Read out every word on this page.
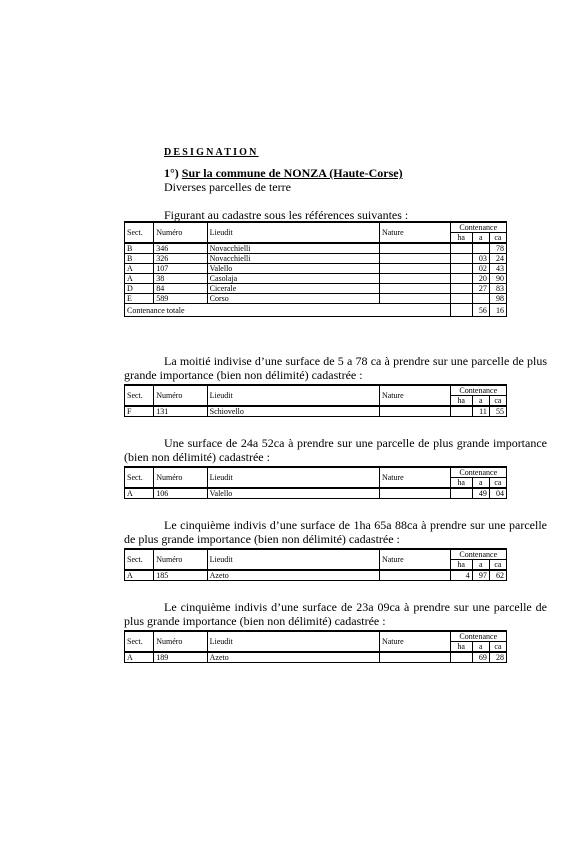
DESIGNATION
1°) Sur la commune de NONZA (Haute-Corse)
Diverses parcelles de terre
Figurant au cadastre sous les références suivantes :
Sect.	Numéro	Lieudit	Nature	Contenance		
				ha	a	ca
B	346	Novacchielli				78
B	326	Novacchielli			03	24
A	107	Valello			02	43
A	38	Casolaja			20	90
D	84	Cicerale			27	83
E	589	Corso				98
Contenance totale					56	16

La moitié indivise d’une surface de 5 a 78 ca à prendre sur une parcelle de plus grande importance (bien non délimité) cadastrée :

Sect.	Numéro	Lieudit	Nature	Contenance		
				ha	a	ca
F	131	Schiovello			11	55

Une surface de 24a 52ca à prendre sur une parcelle de plus grande importance (bien non délimité) cadastrée :

Sect.	Numéro	Lieudit	Nature	Contenance		
				ha	a	ca
A	106	Valello			49	04

Le cinquième indivis d’une surface de 1ha 65a 88ca à prendre sur une parcelle de plus grande importance (bien non délimité) cadastrée :

Sect.	Numéro	Lieudit	Nature	Contenance		
				ha	a	ca
A	185	Azeto		4	97	62

Le cinquième indivis d’une surface de 23a 09ca à prendre sur une parcelle de plus grande importance (bien non délimité) cadastrée :

Sect.	Numéro	Lieudit	Nature	Contenance		
				ha	a	ca
A	189	Azeto			69	28
